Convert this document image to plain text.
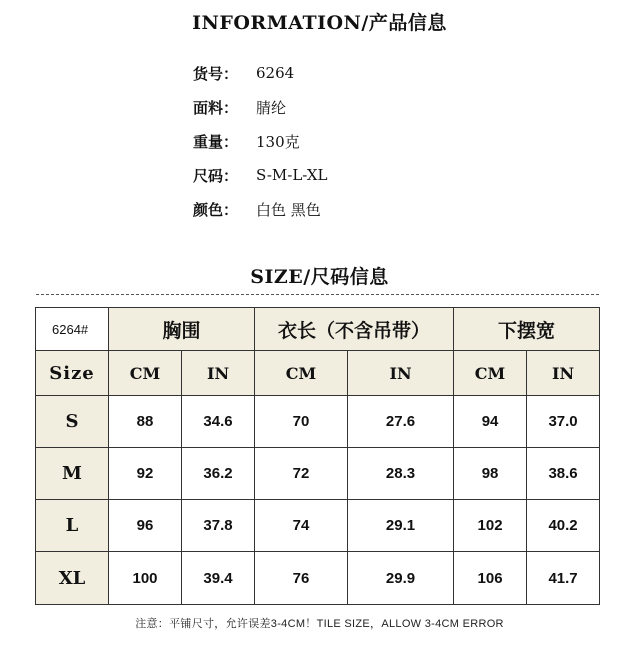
INFORMATION/产品信息
货号：	6264
面料：	腈纶
重量：	130克
尺码：	S-M-L-XL
颜色：	白色 黑色
SIZE/尺码信息
6264#	胸围		衣长（不含吊带）		下摆宽	
Size	CM	IN	CM	IN	CM	IN
S	88	34.6	70	27.6	94	37.0
M	92	36.2	72	28.3	98	38.6
L	96	37.8	74	29.1	102	40.2
XL	100	39.4	76	29.9	106	41.7
注意：平铺尺寸，允许误差3-4CM！TILE SIZE，ALLOW 3-4CM ERROR
